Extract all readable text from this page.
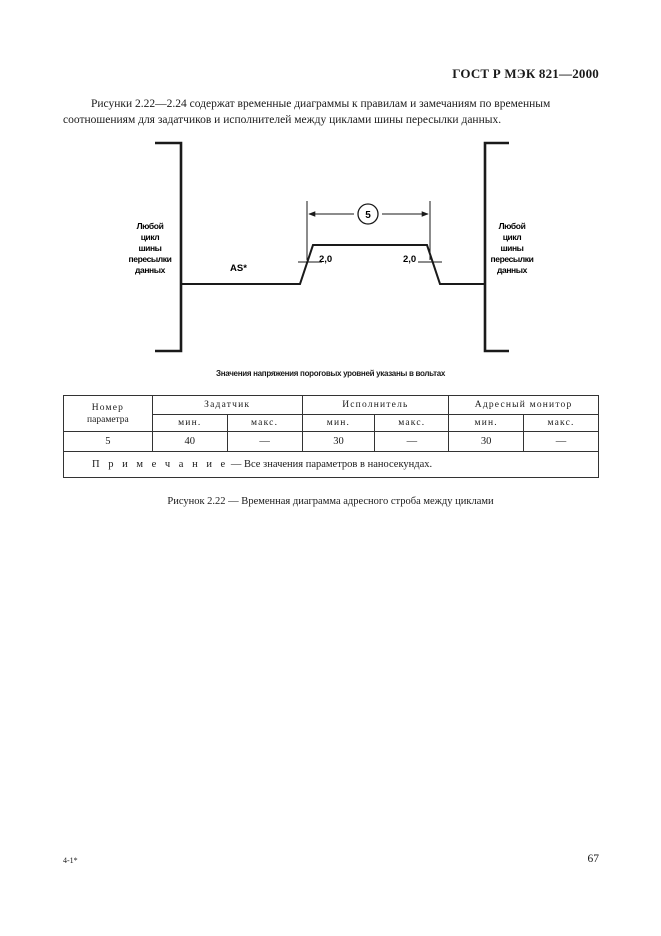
ГОСТ Р МЭК 821—2000
Рисунки 2.22—2.24 содержат временные диаграммы к правилам и замечаниям по временным
соотношениям для задатчиков и исполнителей между циклами шины пересылки данных.
5
2,0	2,0
AS*
Любой
цикл
шины
пересылки
данных
Любой
цикл
шины
пересылки
данных
Значения напряжения пороговых уровней указаны в вольтах
Номер
параметра	Задатчик		Исполнитель		Адресный монитор	
	мин.	макс.	мин.	макс.	мин.	макс.
5	40	—	30	—	30	—
П р и м е ч а н и е — Все значения параметров в наносекундах.						
Рисунок 2.22 — Временная диаграмма адресного строба между циклами
4-1*	67
